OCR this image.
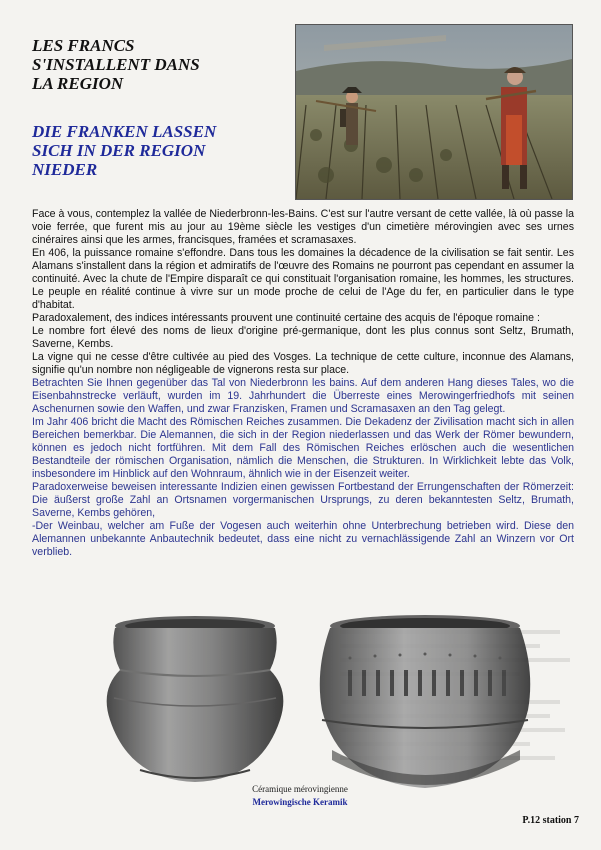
LES FRANCS
S'INSTALLENT DANS
LA REGION
DIE FRANKEN LASSEN
SICH IN DER REGION
NIEDER

Face à vous, contemplez la vallée de Niederbronn-les-Bains. C'est sur l'autre versant de cette vallée, là où passe la voie ferrée, que furent mis au jour au 19ème siècle les vestiges d'un cimetière mérovingien avec ses urnes cinéraires ainsi que les armes, francisques, framées et scramasaxes.

En 406, la puissance romaine s'effondre. Dans tous les domaines la décadence de la civilisation se fait sentir. Les Alamans s'installent dans la région et admiratifs de l'œuvre des Romains ne pourront pas cependant en assumer la continuité. Avec la chute de l'Empire disparaît ce qui constituait l'organisation romaine, les hommes, les structures. Le peuple en réalité continue à vivre sur un mode proche de celui de l'Age du fer, en particulier dans le type d'habitat.

Paradoxalement, des indices intéressants prouvent une continuité certaine des acquis de l'époque romaine :

Le nombre fort élevé des noms de lieux d'origine pré-germanique, dont les plus connus sont Seltz, Brumath, Saverne, Kembs.

La vigne qui ne cesse d'être cultivée au pied des Vosges. La technique de cette culture, inconnue des Alamans, signifie qu'un nombre non négligeable de vignerons resta sur place.

Betrachten Sie Ihnen gegenüber das Tal von Niederbronn les bains. Auf dem anderen Hang dieses Tales, wo die Eisenbahnstrecke verläuft, wurden im 19. Jahrhundert die Überreste eines Merowingerfriedhofs mit seinen Aschenurnen sowie den Waffen, und zwar Franzisken, Framen und Scramasaxen an den Tag gelegt.

Im Jahr 406 bricht die Macht des Römischen Reiches zusammen. Die Dekadenz der Zivilisation macht sich in allen Bereichen bemerkbar. Die Alemannen, die sich in der Region niederlassen und das Werk der Römer bewundern, können es jedoch nicht fortführen. Mit dem Fall des Römischen Reiches erlöschen auch die wesentlichen Bestandteile der römischen Organisation, nämlich die Menschen, die Strukturen. In Wirklichkeit lebte das Volk, insbesondere im Hinblick auf den Wohnraum, ähnlich wie in der Eisenzeit weiter.

Paradoxerweise beweisen interessante Indizien einen gewissen Fortbestand der Errungenschaften der Römerzeit: Die äußerst große Zahl an Ortsnamen vorgermanischen Ursprungs, zu deren bekanntesten Seltz, Brumath, Saverne, Kembs gehören,

-Der Weinbau, welcher am Fuße der Vogesen auch weiterhin ohne Unterbrechung betrieben wird. Diese den Alemannen unbekannte Anbautechnik bedeutet, dass eine nicht zu vernachlässigende Zahl an Winzern vor Ort verblieb.

Céramique mérovingienne
Merowingische Keramik
P.12 station 7
